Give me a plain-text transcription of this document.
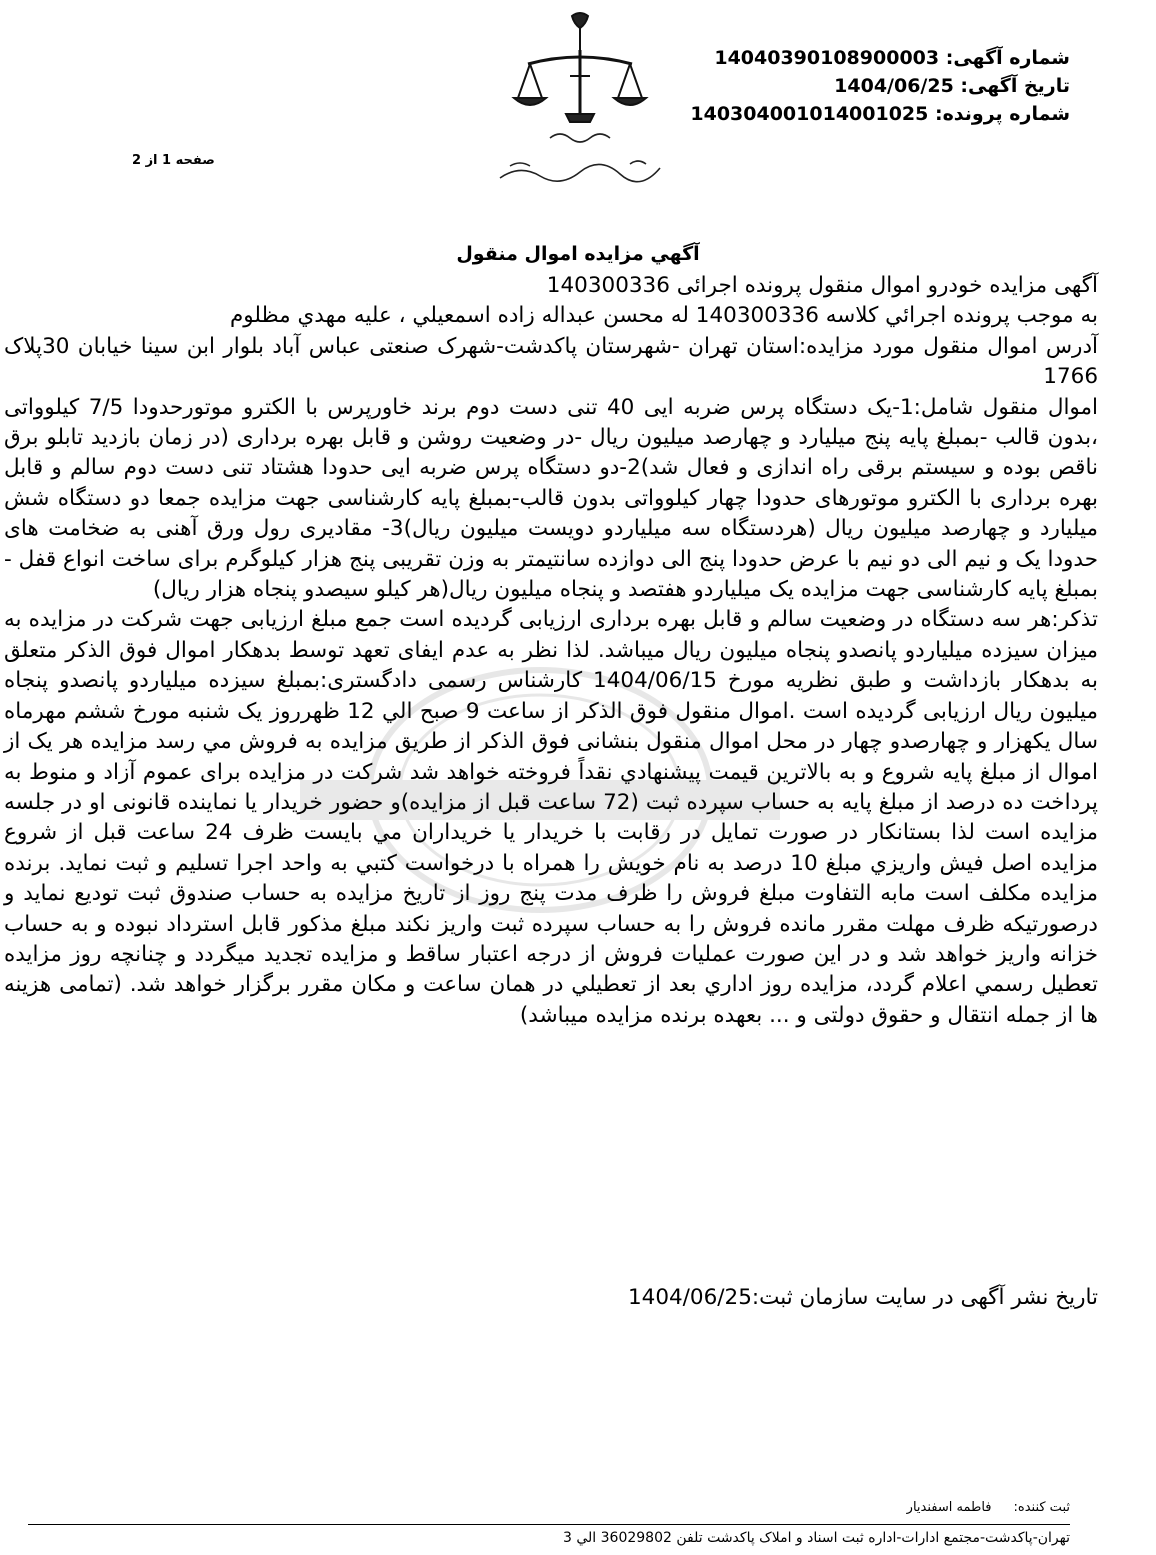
شماره آگهی: 14040390108900003
تاریخ آگهی: 1404/06/25
شماره پرونده: 140304001014001025
صفحه 1 از 2
آگهي مزايده اموال منقول

آگهی مزایده خودرو اموال منقول پرونده اجرائی 140300336

به موجب پرونده اجرائي کلاسه 140300336 له محسن عبداله زاده اسمعيلي ، عليه مهدي مظلوم

آدرس اموال منقول مورد مزایده:استان تهران -شهرستان پاکدشت-شهرک صنعتی عباس آباد بلوار ابن سینا خیابان 30پلاک 1766

اموال منقول شامل:1-یک دستگاه پرس ضربه ایی 40 تنی دست دوم برند خاورپرس با الکترو موتورحدودا 7/5 کیلوواتی ،بدون قالب -بمبلغ پایه پنج میلیارد و چهارصد میلیون ریال -در وضعیت روشن و قابل بهره برداری (در زمان بازدید تابلو برق ناقص بوده و سیستم برقی راه اندازی و فعال شد)2-دو دستگاه پرس ضربه ایی حدودا هشتاد تنی دست دوم سالم و قابل بهره برداری با الکترو موتورهای حدودا چهار کیلوواتی بدون قالب-بمبلغ پایه کارشناسی جهت مزایده جمعا دو دستگاه شش میلیارد و چهارصد میلیون ریال (هردستگاه سه میلیاردو دویست میلیون ریال)3- مقادیری رول ورق آهنی به ضخامت های حدودا یک و نیم الی دو نیم با عرض حدودا پنج الی دوازده سانتیمتر به وزن تقریبی پنج هزار کیلوگرم برای ساخت انواع قفل - بمبلغ پایه کارشناسی جهت مزایده یک میلیاردو هفتصد و پنجاه میلیون ریال(هر کیلو سیصدو پنجاه هزار ریال)

تذکر:هر سه دستگاه در وضعیت سالم و قابل بهره برداری ارزیابی گردیده است جمع مبلغ ارزیابی جهت شرکت در مزایده به میزان سیزده میلیاردو پانصدو پنجاه میلیون ریال میباشد. لذا نظر به عدم ایفای تعهد توسط بدهکار اموال فوق الذکر متعلق به بدهکار بازداشت و طبق نظریه مورخ 1404/06/15 کارشناس رسمی دادگستری:بمبلغ سیزده میلیاردو پانصدو پنجاه میلیون ریال ارزیابی گردیده است .اموال منقول فوق الذکر از ساعت 9 صبح الي 12 ظهرروز یک شنبه مورخ ششم مهرماه سال یکهزار و چهارصدو چهار در محل اموال منقول بنشانی فوق الذکر از طريق مزايده به فروش مي رسد مزايده هر يک از اموال از مبلغ پايه شروع و به بالاترين قيمت پيشنهادي نقداً فروخته خواهد شد شرکت در مزایده برای عموم آزاد و منوط به پرداخت ده درصد از مبلغ پایه به حساب سپرده ثبت (72 ساعت قبل از مزایده)و حضور خریدار یا نماینده قانونی او در جلسه مزایده است لذا بستانکار در صورت تمایل در رقابت با خریدار یا خريداران مي بایست ظرف 24 ساعت قبل از شروع مزایده اصل فیش واریزي مبلغ 10 درصد به نام خویش را همراه با درخواست کتبي به واحد اجرا تسلیم و ثبت نماید. برنده مزایده مکلف است مابه التفاوت مبلغ فروش را ظرف مدت پنج روز از تاريخ مزايده به حساب صندوق ثبت توديع نمايد و درصورتيکه ظرف مهلت مقرر مانده فروش را به حساب سپرده ثبت واريز نکند مبلغ مذکور قابل استرداد نبوده و به حساب خزانه واريز خواهد شد و در اين صورت عمليات فروش از درجه اعتبار ساقط و مزايده تجديد ميگردد و چنانچه روز مزايده تعطيل رسمي اعلام گردد، مزايده روز اداري بعد از تعطيلي در همان ساعت و مکان مقرر برگزار خواهد شد. (تمامی هزینه ها از جمله انتقال و حقوق دولتی و ... بعهده برنده مزایده میباشد)

تاریخ نشر آگهی در سایت سازمان ثبت:1404/06/25
ثبت کننده:فاطمه اسفنديار
تهران-پاکدشت-مجتمع ادارات-اداره ثبت اسناد و املاک پاکدشت تلفن 36029802 الي 3
